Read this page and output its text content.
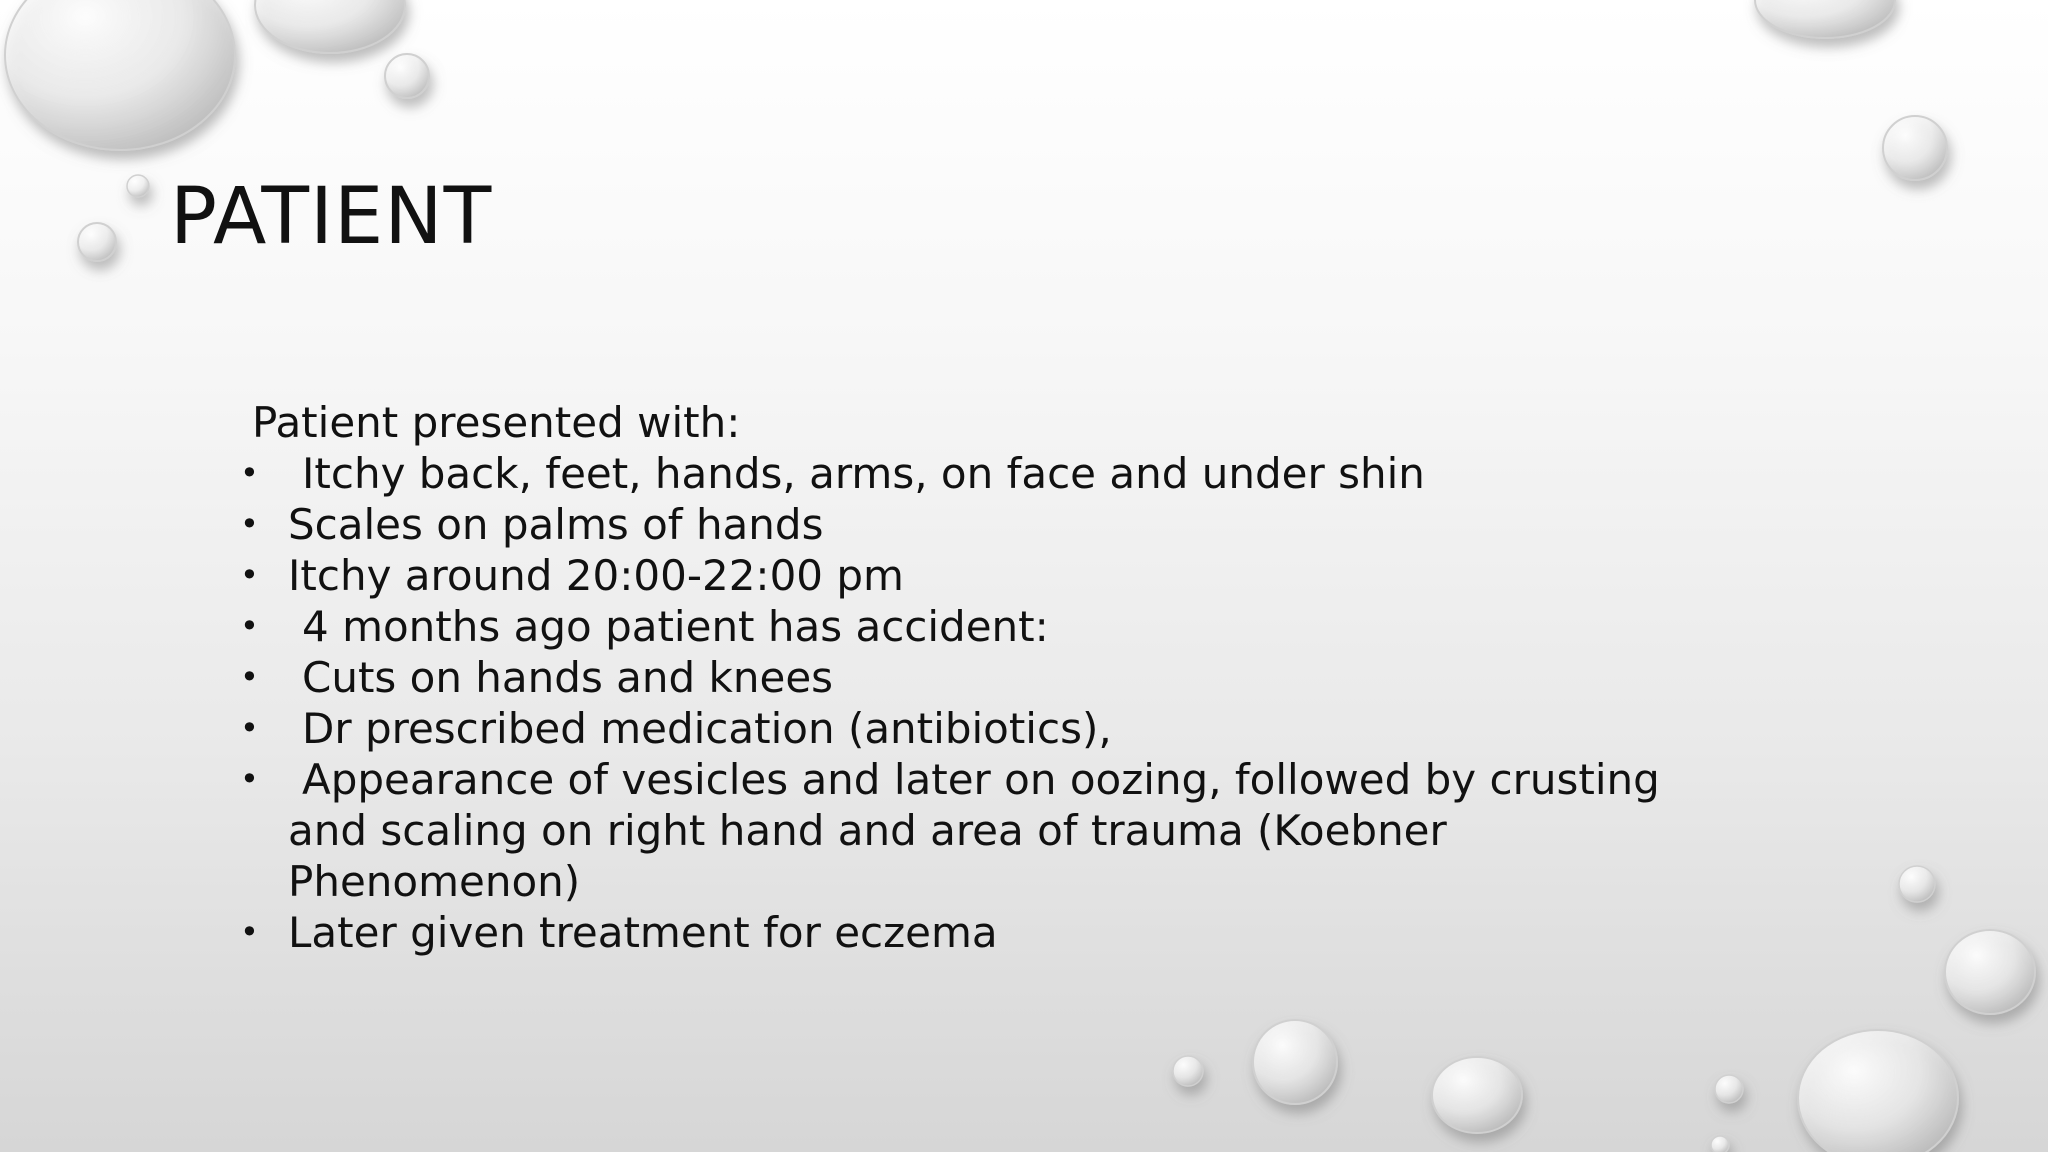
PATIENT
Patient presented with:
• Itchy back, feet, hands, arms, on face and under shin
• Scales on palms of hands
• Itchy around 20:00-22:00 pm
• 4 months ago patient has accident:
• Cuts on hands and knees
• Dr prescribed medication (antibiotics),
• Appearance of vesicles and later on oozing, followed by crusting and scaling on right hand and area of trauma (Koebner Phenomenon)
• Later given treatment for eczema
